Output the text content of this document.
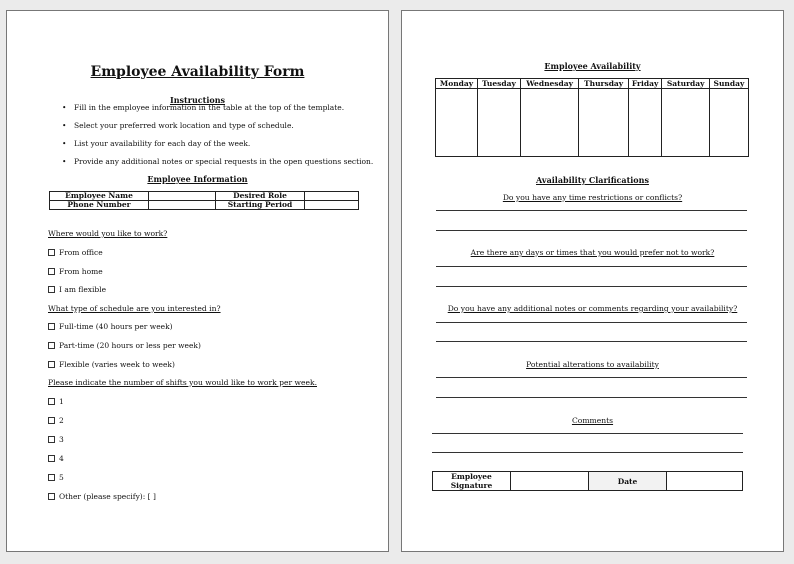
Employee Availability Form
Instructions
• Fill in the employee information in the table at the top of the template.
• Select your preferred work location and type of schedule.
• List your availability for each day of the week.
• Provide any additional notes or special requests in the open questions section.
Employee Information
Employee Name		Desired Role	
Phone Number		Starting Period	
Where would you like to work?
From office
From home
I am flexible
What type of schedule are you interested in?
Full-time (40 hours per week)
Part-time (20 hours or less per week)
Flexible (varies week to week)
Please indicate the number of shifts you would like to work per week.
1
2
3
4
5
Other (please specify): [ ]
Employee Availability
Monday	Tuesday	Wednesday	Thursday	Friday	Saturday	Sunday

Availability Clarifications
Do you have any time restrictions or conflicts?
Are there any days or times that you would prefer not to work?
Do you have any additional notes or comments regarding your availability?
Potential alterations to availability
Comments
Employee Signature		Date	
